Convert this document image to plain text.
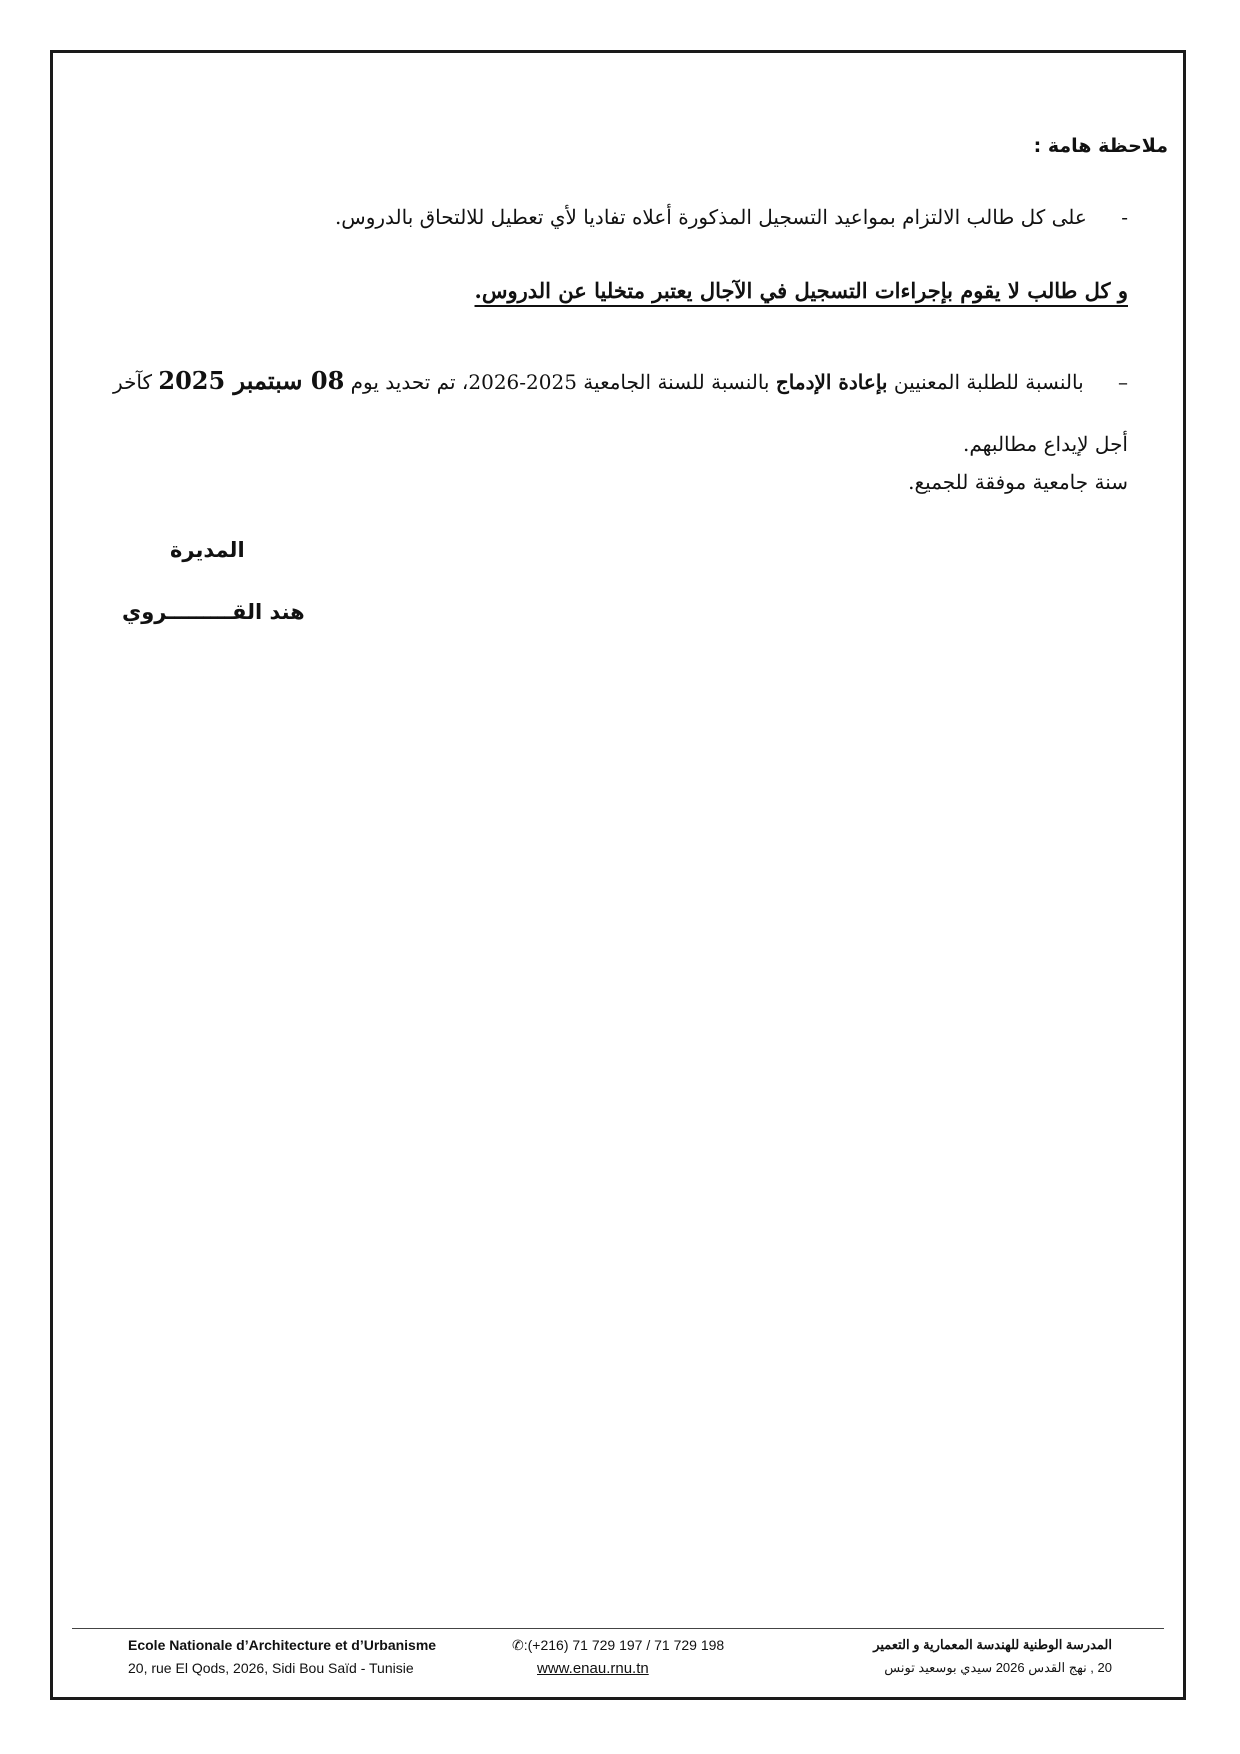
ملاحظة هامة :
- على كل طالب الالتزام بمواعيد التسجيل المذكورة أعلاه تفاديا لأي تعطيل للالتحاق بالدروس.
و كل طالب لا يقوم بإجراءات التسجيل في الآجال يعتبر متخليا عن الدروس.
– بالنسبة للطلبة المعنيين بإعادة الإدماج بالنسبة للسنة الجامعية 2025-2026، تم تحديد يوم 08 سبتمبر 2025 كآخر أجل لإيداع مطالبهم.
سنة جامعية موفقة للجميع.
المديرة
هند القـــــــــروي
Ecole Nationale d’Architecture et d’Urbanisme
20, rue El Qods, 2026, Sidi Bou Saïd - Tunisie
✆:(+216) 71 729 197 / 71 729 198
www.enau.rnu.tn
المدرسة الوطنية للهندسة المعمارية و التعمير
20 , نهج القدس 2026 سيدي بوسعيد تونس
